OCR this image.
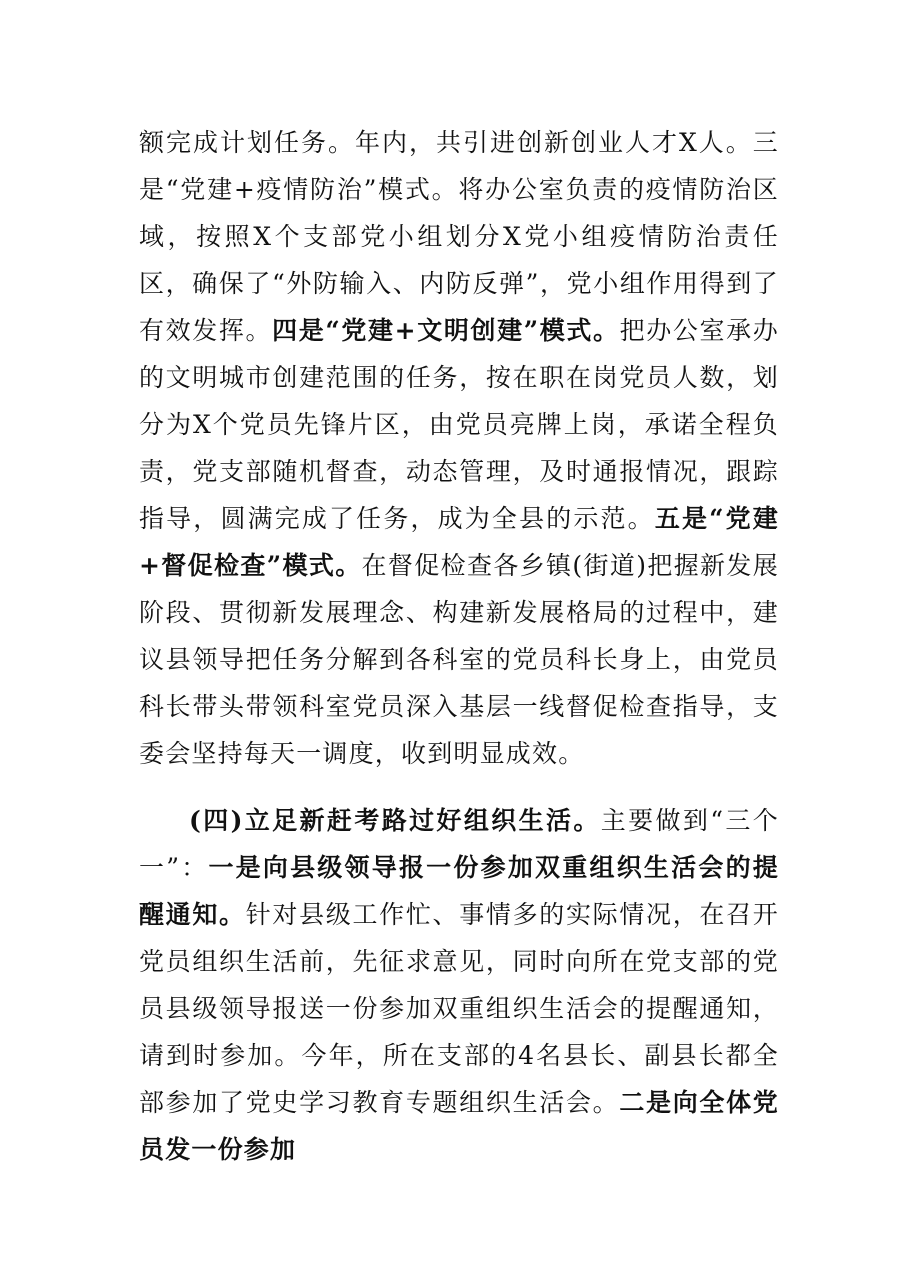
额完成计划任务。年内，共引进创新创业人才X人。三是“党建+疫情防治”模式。将办公室负责的疫情防治区域，按照X个支部党小组划分X党小组疫情防治责任区，确保了“外防输入、内防反弹”，党小组作用得到了有效发挥。四是“党建+文明创建”模式。把办公室承办的文明城市创建范围的任务，按在职在岗党员人数，划分为X个党员先锋片区，由党员亮牌上岗，承诺全程负责，党支部随机督查，动态管理，及时通报情况，跟踪指导，圆满完成了任务，成为全县的示范。五是“党建+督促检查”模式。在督促检查各乡镇(街道)把握新发展阶段、贯彻新发展理念、构建新发展格局的过程中，建议县领导把任务分解到各科室的党员科长身上，由党员科长带头带领科室党员深入基层一线督促检查指导，支委会坚持每天一调度，收到明显成效。

(四)立足新赶考路过好组织生活。主要做到“三个一”：一是向县级领导报一份参加双重组织生活会的提醒通知。针对县级工作忙、事情多的实际情况，在召开党员组织生活前，先征求意见，同时向所在党支部的党员县级领导报送一份参加双重组织生活会的提醒通知，请到时参加。今年，所在支部的4名县长、副县长都全部参加了党史学习教育专题组织生活会。二是向全体党员发一份参加
